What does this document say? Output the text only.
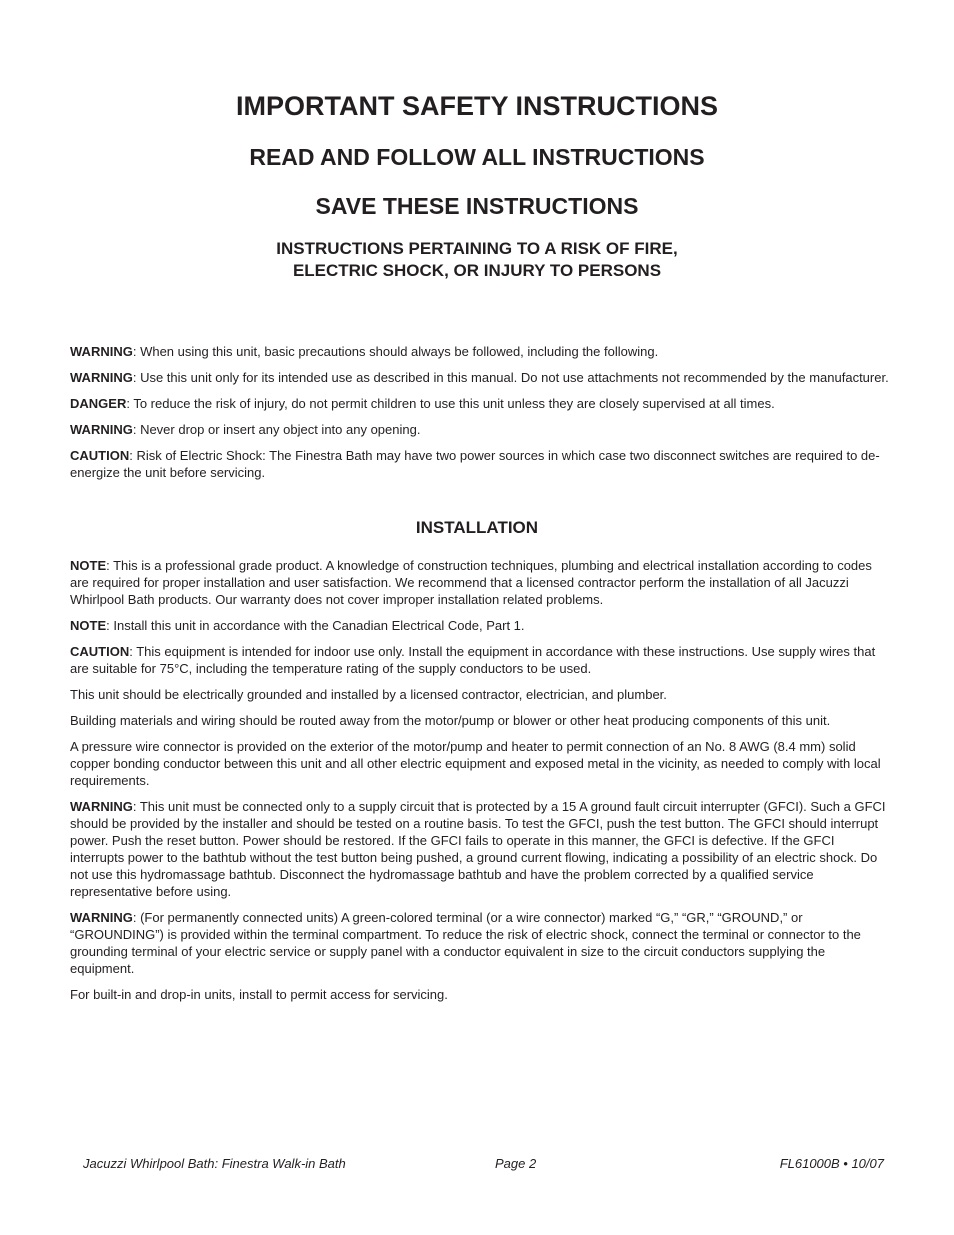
IMPORTANT SAFETY INSTRUCTIONS
READ AND FOLLOW ALL INSTRUCTIONS
SAVE THESE INSTRUCTIONS
INSTRUCTIONS PERTAINING TO A RISK OF FIRE,
ELECTRIC SHOCK, OR INJURY TO PERSONS

WARNING: When using this unit, basic precautions should always be followed, including the following.

WARNING: Use this unit only for its intended use as described in this manual. Do not use attachments not recommended by the manufacturer.

DANGER: To reduce the risk of injury, do not permit children to use this unit unless they are closely supervised at all times.

WARNING: Never drop or insert any object into any opening.

CAUTION: Risk of Electric Shock: The Finestra Bath may have two power sources in which case two disconnect switches are required to de-energize the unit before servicing.

INSTALLATION

NOTE: This is a professional grade product. A knowledge of construction techniques, plumbing and electrical installation according to codes are required for proper installation and user satisfaction. We recommend that a licensed contractor perform the installation of all Jacuzzi Whirlpool Bath products. Our warranty does not cover improper installation related problems.

NOTE: Install this unit in accordance with the Canadian Electrical Code, Part 1.

CAUTION: This equipment is intended for indoor use only. Install the equipment in accordance with these instructions. Use supply wires that are suitable for 75°C, including the temperature rating of the supply conductors to be used.

This unit should be electrically grounded and installed by a licensed contractor, electrician, and plumber.

Building materials and wiring should be routed away from the motor/pump or blower or other heat producing components of this unit.

A pressure wire connector is provided on the exterior of the motor/pump and heater to permit connection of an No. 8 AWG (8.4 mm) solid copper bonding conductor between this unit and all other electric equipment and exposed metal in the vicinity, as needed to comply with local requirements.

WARNING: This unit must be connected only to a supply circuit that is protected by a 15 A ground fault circuit interrupter (GFCI). Such a GFCI should be provided by the installer and should be tested on a routine basis. To test the GFCI, push the test button. The GFCI should interrupt power. Push the reset button. Power should be restored. If the GFCI fails to operate in this manner, the GFCI is defective. If the GFCI interrupts power to the bathtub without the test button being pushed, a ground current flowing, indicating a possibility of an electric shock. Do not use this hydromassage bathtub. Disconnect the hydromassage bathtub and have the problem corrected by a qualified service representative before using.

WARNING: (For permanently connected units) A green-colored terminal (or a wire connector) marked “G,” “GR,” “GROUND,” or “GROUNDING”) is provided within the terminal compartment. To reduce the risk of electric shock, connect the terminal or connector to the grounding terminal of your electric service or supply panel with a conductor equivalent in size to the circuit conductors supplying the equipment.

For built-in and drop-in units, install to permit access for servicing.

Jacuzzi Whirlpool Bath: Finestra Walk-in Bath	Page 2	FL61000B • 10/07
